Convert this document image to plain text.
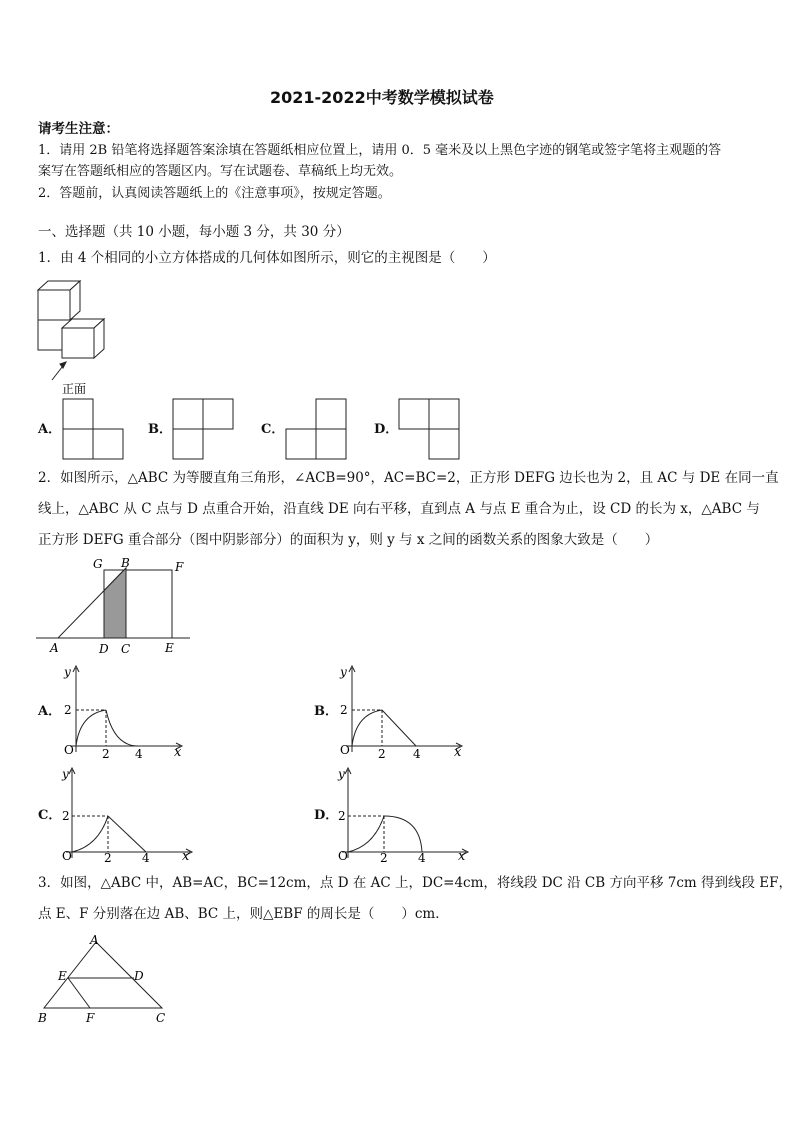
2021-2022中考数学模拟试卷
请考生注意：
1．请用 2B 铅笔将选择题答案涂填在答题纸相应位置上，请用 0．5 毫米及以上黑色字迹的钢笔或签字笔将主观题的答
案写在答题纸相应的答题区内。写在试题卷、草稿纸上均无效。
2．答题前，认真阅读答题纸上的《注意事项》，按规定答题。
一、选择题（共 10 小题，每小题 3 分，共 30 分）
1．由 4 个相同的小立方体搭成的几何体如图所示，则它的主视图是（　　）
正面
A．	B．	C．	D．
2．如图所示，△ABC 为等腰直角三角形，∠ACB=90°，AC=BC=2，正方形 DEFG 边长也为 2，且 AC 与 DE 在同一直
线上，△ABC 从 C 点与 D 点重合开始，沿直线 DE 向右平移，直到点 A 与点 E 重合为止，设 CD 的长为 x，△ABC 与
正方形 DEFG 重合部分（图中阴影部分）的面积为 y，则 y 与 x 之间的函数关系的图象大致是（　　）
G B	F
A	D C	E
A．
y
2
O 2 4 x
B．
y
2
O 2 4	x
C．
y
2
O	2	4 x
D．
y
2
O	2	4 x
3．如图，△ABC 中，AB=AC，BC=12cm，点 D 在 AC 上，DC=4cm，将线段 DC 沿 CB 方向平移 7cm 得到线段 EF，
点 E、F 分别落在边 AB、BC 上，则△EBF 的周长是（　　）cm．
A
E	D
B	F	C
